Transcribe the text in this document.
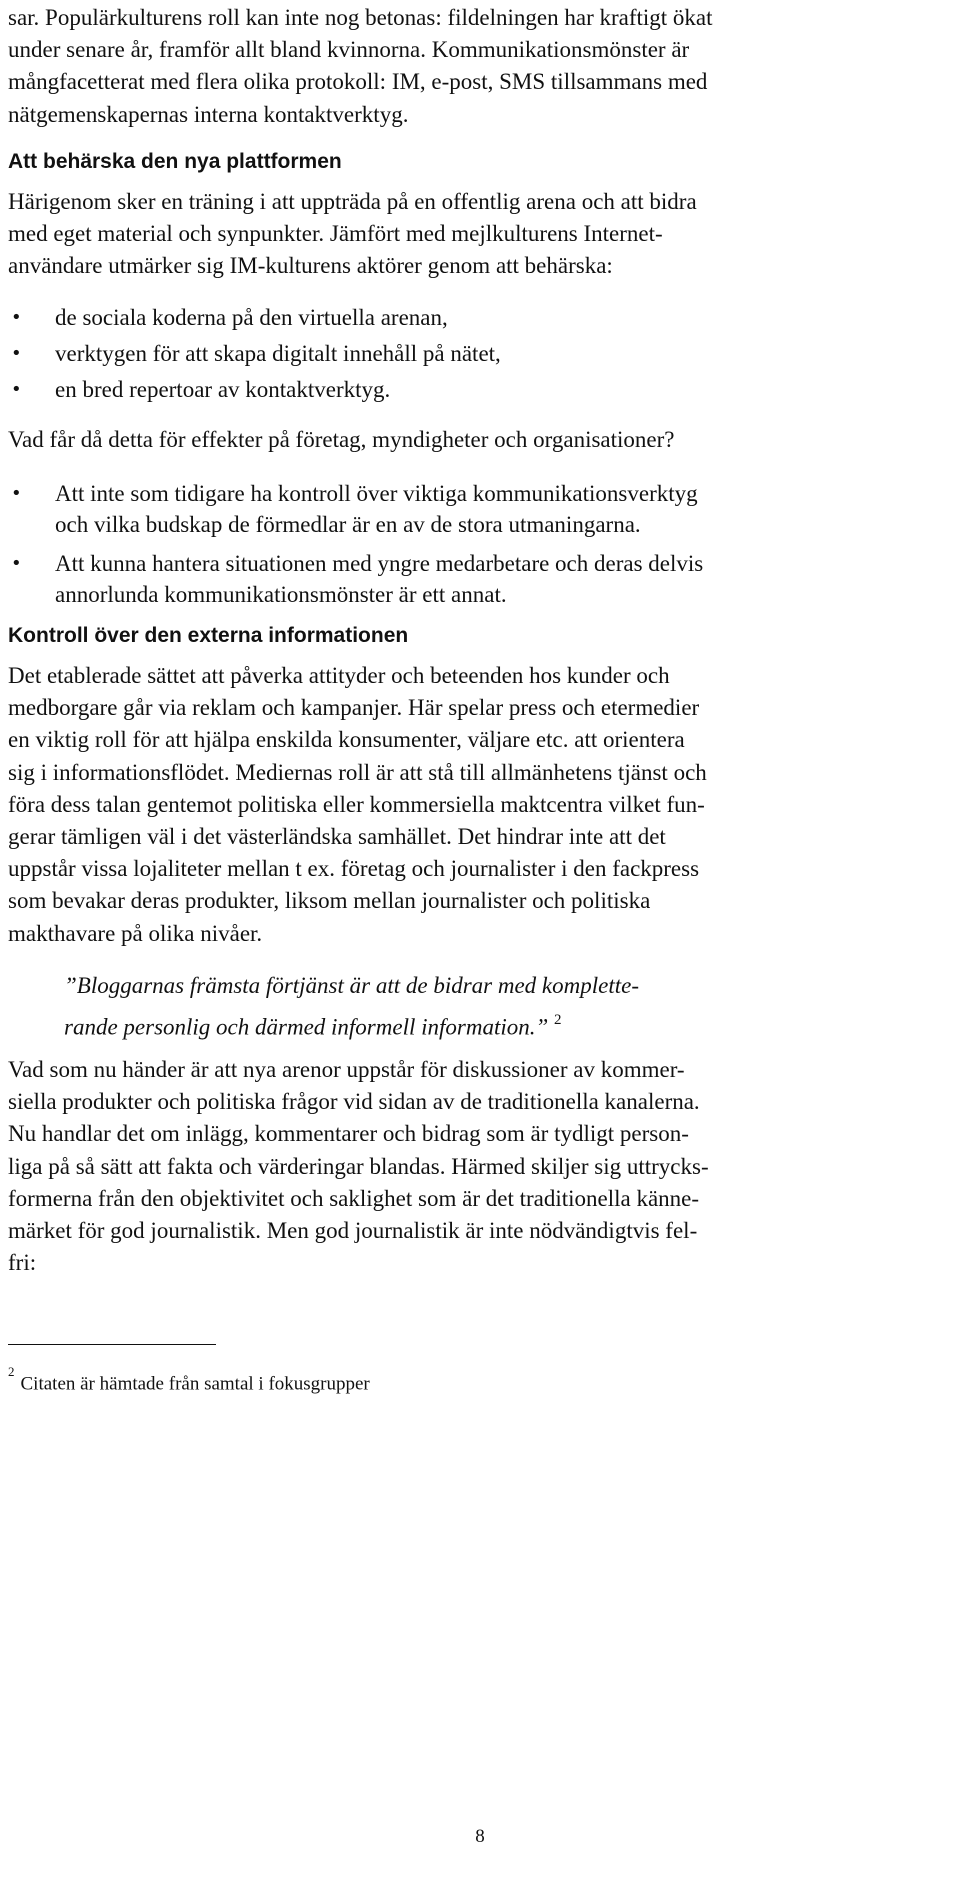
sar. Populärkulturens roll kan inte nog betonas: fildelningen har kraftigt ökat
under senare år, framför allt bland kvinnorna. Kommunikationsmönster är
mångfacetterat med flera olika protokoll: IM, e-post, SMS tillsammans med
nätgemenskapernas interna kontaktverktyg.

Att behärska den nya plattformen

Härigenom sker en träning i att uppträda på en offentlig arena och att bidra
med eget material och synpunkter. Jämfört med mejlkulturens Internet-
användare utmärker sig IM-kulturens aktörer genom att behärska:

• de sociala koderna på den virtuella arenan,
• verktygen för att skapa digitalt innehåll på nätet,
• en bred repertoar av kontaktverktyg.

Vad får då detta för effekter på företag, myndigheter och organisationer?

• Att inte som tidigare ha kontroll över viktiga kommunikationsverktyg
och vilka budskap de förmedlar är en av de stora utmaningarna.
• Att kunna hantera situationen med yngre medarbetare och deras delvis
annorlunda kommunikationsmönster är ett annat.
Kontroll över den externa informationen

Det etablerade sättet att påverka attityder och beteenden hos kunder och
medborgare går via reklam och kampanjer. Här spelar press och etermedier
en viktig roll för att hjälpa enskilda konsumenter, väljare etc. att orientera
sig i informationsflödet. Mediernas roll är att stå till allmänhetens tjänst och
föra dess talan gentemot politiska eller kommersiella maktcentra vilket fun-
gerar tämligen väl i det västerländska samhället. Det hindrar inte att det
uppstår vissa lojaliteter mellan t ex. företag och journalister i den fackpress
som bevakar deras produkter, liksom mellan journalister och politiska
makthavare på olika nivåer.

”Bloggarnas främsta förtjänst är att de bidrar med komplette-
rande personlig och därmed informell information.” $^2$

Vad som nu händer är att nya arenor uppstår för diskussioner av kommer-
siella produkter och politiska frågor vid sidan av de traditionella kanalerna.
Nu handlar det om inlägg, kommentarer och bidrag som är tydligt person-
liga på så sätt att fakta och värderingar blandas. Härmed skiljer sig uttrycks-
formerna från den objektivitet och saklighet som är det traditionella känne-
märket för god journalistik. Men god journalistik är inte nödvändigtvis fel-
fri:

$^2$Citaten är hämtade från samtal i fokusgrupper
8
